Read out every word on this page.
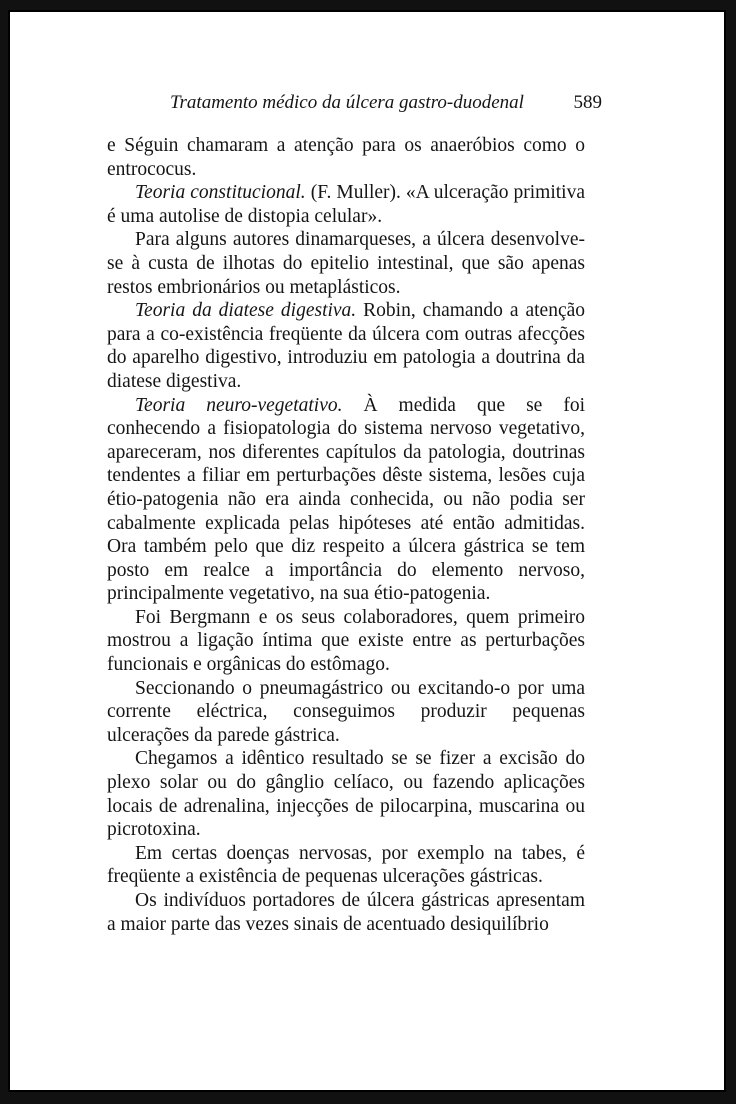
Tratamento médico da úlcera gastro-duodenal	589

e Séguin chamaram a atenção para os anaeróbios como o entrococus.

Teoria constitucional. (F. Muller). «A ulceração primitiva é uma autolise de distopia celular».

Para alguns autores dinamarqueses, a úlcera desenvolve-se à custa de ilhotas do epitelio intestinal, que são apenas restos embrionários ou metaplásticos.

Teoria da diatese digestiva. Robin, chamando a atenção para a co-existência freqüente da úlcera com outras afecções do aparelho digestivo, introduziu em patologia a doutrina da diatese digestiva.

Teoria neuro-vegetativo. À medida que se foi conhecendo a fisiopatologia do sistema nervoso vegetativo, apareceram, nos diferentes capítulos da patologia, doutrinas tendentes a filiar em perturbações dêste sistema, lesões cuja étio-patogenia não era ainda conhecida, ou não podia ser cabalmente explicada pelas hipóteses até então admitidas. Ora também pelo que diz respeito a úlcera gástrica se tem posto em realce a importância do elemento nervoso, principalmente vegetativo, na sua étio-patogenia.

Foi Bergmann e os seus colaboradores, quem primeiro mostrou a ligação íntima que existe entre as perturbações funcionais e orgânicas do estômago.

Seccionando o pneumagástrico ou excitando-o por uma corrente eléctrica, conseguimos produzir pequenas ulcerações da parede gástrica.

Chegamos a idêntico resultado se se fizer a excisão do plexo solar ou do gânglio celíaco, ou fazendo aplicações locais de adrenalina, injecções de pilocarpina, muscarina ou picrotoxina.

Em certas doenças nervosas, por exemplo na tabes, é freqüente a existência de pequenas ulcerações gástricas.

Os indivíduos portadores de úlcera gástricas apresentam a maior parte das vezes sinais de acentuado desiquilíbrio
